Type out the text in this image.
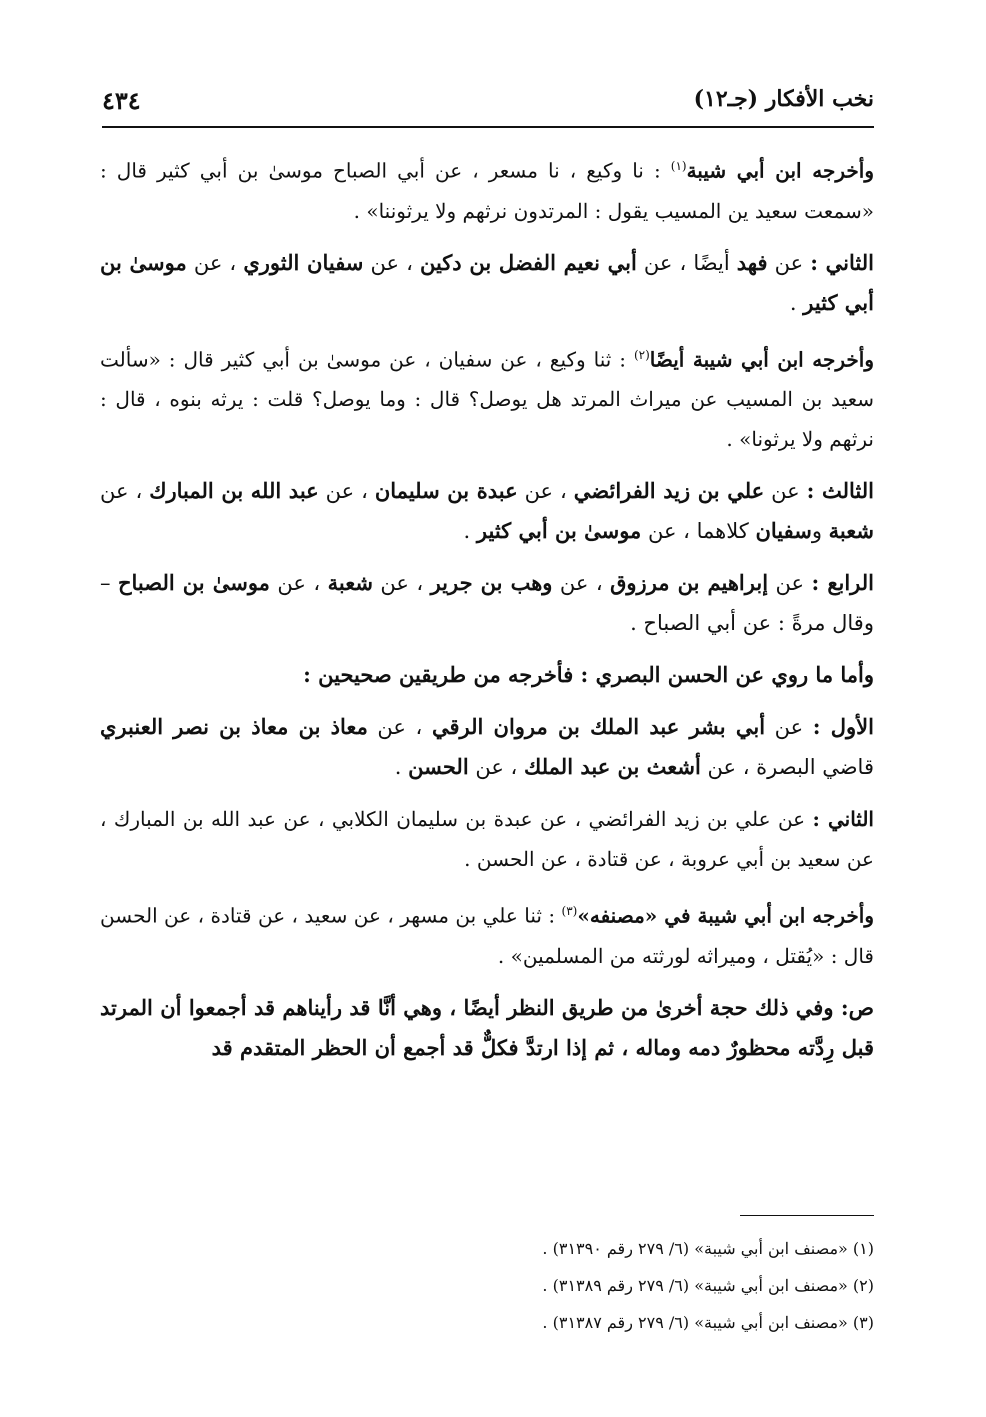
نخب الأفكار (جـ١٢)
٤٣٤

وأخرجه ابن أبي شيبة$^{(١)}$ : نا وكيع ، نا مسعر ، عن أبي الصباح موسىٰ بن أبي كثير قال : «سمعت سعيد ين المسيب يقول : المرتدون نرثهم ولا يرثوننا» .

الثاني : عن فهد أيضًا ، عن أبي نعيم الفضل بن دكين ، عن سفيان الثوري ، عن موسىٰ بن أبي كثير .

وأخرجه ابن أبي شيبة أيضًا$^{(٢)}$ : ثنا وكيع ، عن سفيان ، عن موسىٰ بن أبي كثير قال : «سألت سعيد بن المسيب عن ميراث المرتد هل يوصل؟ قال : وما يوصل؟ قلت : يرثه بنوه ، قال : نرثهم ولا يرثونا» .

الثالث : عن علي بن زيد الفرائضي ، عن عبدة بن سليمان ، عن عبد الله بن المبارك ، عن شعبة وسفيان كلاهما ، عن موسىٰ بن أبي كثير .

الرابع : عن إبراهيم بن مرزوق ، عن وهب بن جرير ، عن شعبة ، عن موسىٰ بن الصباح – وقال مرةً : عن أبي الصباح .

وأما ما روي عن الحسن البصري : فأخرجه من طريقين صحيحين :

الأول : عن أبي بشر عبد الملك بن مروان الرقي ، عن معاذ بن معاذ بن نصر العنبري قاضي البصرة ، عن أشعث بن عبد الملك ، عن الحسن .

الثاني : عن علي بن زيد الفرائضي ، عن عبدة بن سليمان الكلابي ، عن عبد الله بن المبارك ، عن سعيد بن أبي عروبة ، عن قتادة ، عن الحسن .

وأخرجه ابن أبي شيبة في «مصنفه»$^{(٣)}$ : ثنا علي بن مسهر ، عن سعيد ، عن قتادة ، عن الحسن قال : «يُقتل ، وميراثه لورثته من المسلمين» .

ص: وفي ذلك حجة أخرىٰ من طريق النظر أيضًا ، وهي أنَّا قد رأيناهم قد أجمعوا أن المرتد قبل رِدَّته محظورٌ دمه وماله ، ثم إذا ارتدَّ فكلٌّ قد أجمع أن الحظر المتقدم قد

(١) «مصنف ابن أبي شيبة» (٦/ ٢٧٩ رقم ٣١٣٩٠) .
(٢) «مصنف ابن أبي شيبة» (٦/ ٢٧٩ رقم ٣١٣٨٩) .
(٣) «مصنف ابن أبي شيبة» (٦/ ٢٧٩ رقم ٣١٣٨٧) .
